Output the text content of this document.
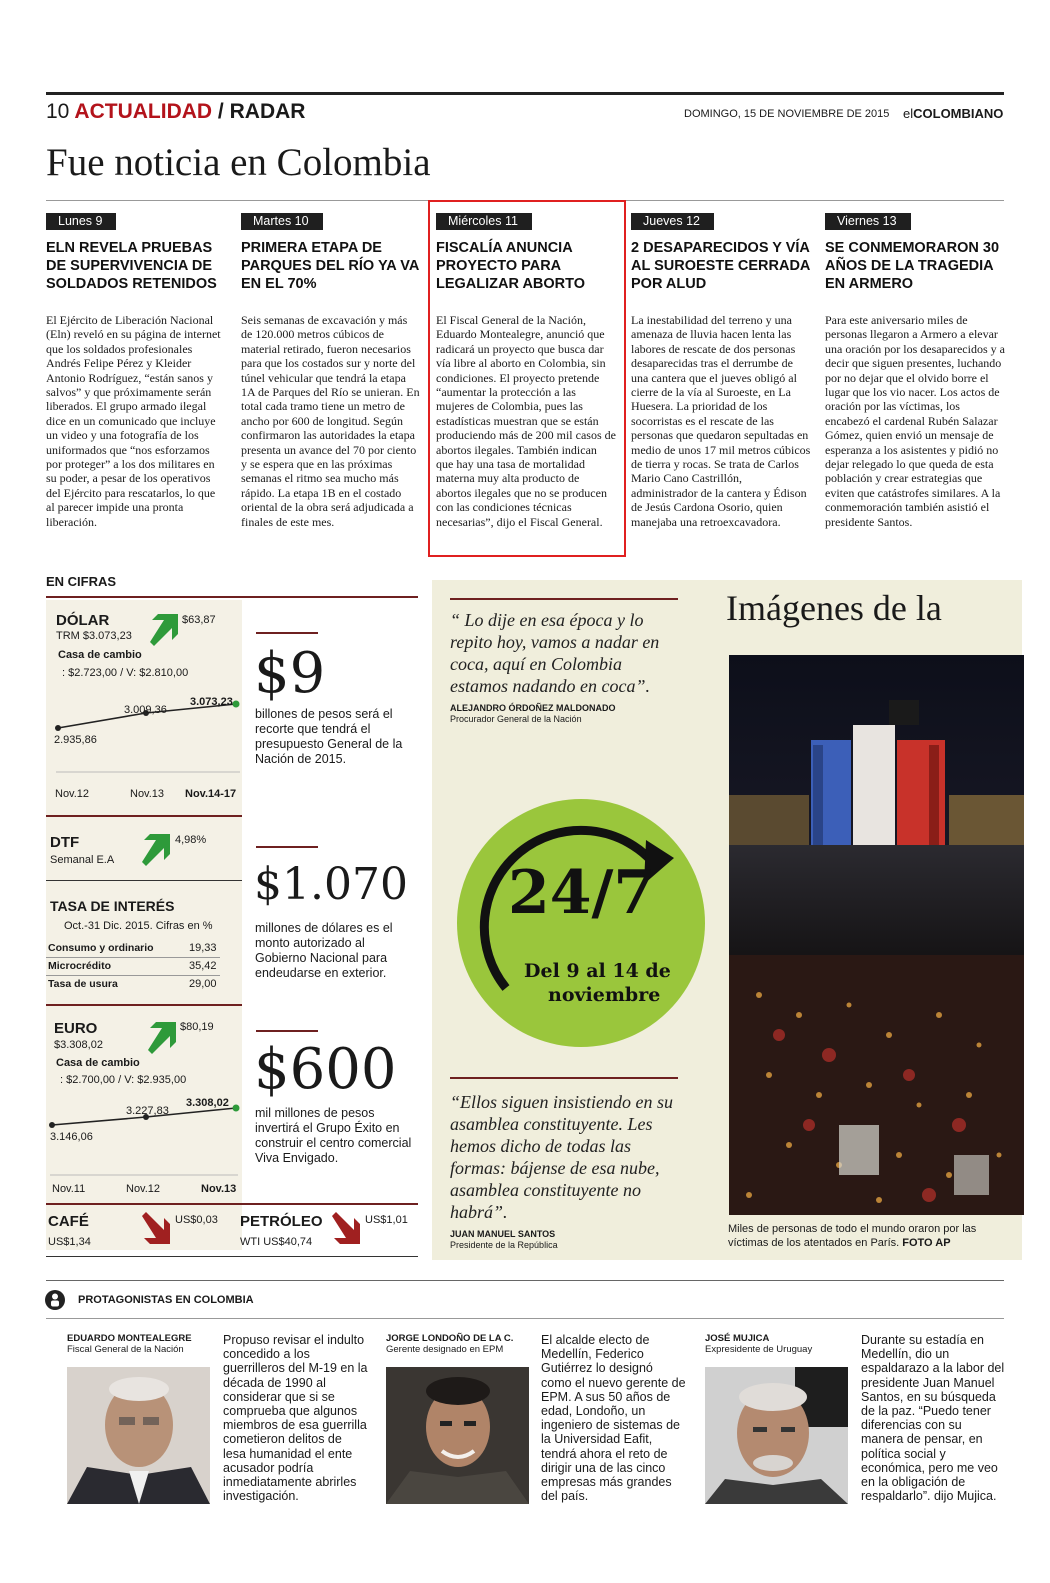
10 ACTUALIDAD / RADAR	DOMINGO, 15 DE NOVIEMBRE DE 2015 elCOLOMBIANO
Fue noticia en Colombia
Lunes 9
ELN REVELA PRUEBAS DE SUPERVIVENCIA DE SOLDADOS RETENIDOS

El Ejército de Liberación Nacional (Eln) reveló en su página de internet que los soldados profesionales Andrés Felipe Pérez y Kleider Antonio Rodríguez, “están sanos y salvos” y que próximamente serán liberados. El grupo armado ilegal dice en un comunicado que incluye un video y una fotografía de los uniformados que “nos esforzamos por proteger” a los dos militares en su poder, a pesar de los operativos del Ejército para rescatarlos, lo que al parecer impide una pronta liberación.

Martes 10
PRIMERA ETAPA DE PARQUES DEL RÍO YA VA EN EL 70%

Seis semanas de excavación y más de 120.000 metros cúbicos de material retirado, fueron necesarios para que los costados sur y norte del túnel vehicular que tendrá la etapa 1A de Parques del Río se unieran. En total cada tramo tiene un metro de ancho por 600 de longitud. Según confirmaron las autoridades la etapa presenta un avance del 70 por ciento y se espera que en las próximas semanas el ritmo sea mucho más rápido. La etapa 1B en el costado oriental de la obra será adjudicada a finales de este mes.

Miércoles 11
FISCALÍA ANUNCIA PROYECTO PARA LEGALIZAR ABORTO

El Fiscal General de la Nación, Eduardo Montealegre, anunció que radicará un proyecto que busca dar vía libre al aborto en Colombia, sin condiciones. El proyecto pretende “aumentar la protección a las mujeres de Colombia, pues las estadísticas muestran que se están produciendo más de 200 mil casos de abortos ilegales. También indican que hay una tasa de mortalidad materna muy alta producto de abortos ilegales que no se producen con las condiciones técnicas necesarias”, dijo el Fiscal General.

Jueves 12
2 DESAPARECIDOS Y VÍA AL SUROESTE CERRADA POR ALUD

La inestabilidad del terreno y una amenaza de lluvia hacen lenta las labores de rescate de dos personas desaparecidas tras el derrumbe de una cantera que el jueves obligó al cierre de la vía al Suroeste, en La Huesera. La prioridad de los socorristas es el rescate de las personas que quedaron sepultadas en medio de unos 17 mil metros cúbicos de tierra y rocas. Se trata de Carlos Mario Cano Castrillón, administrador de la cantera y Édison de Jesús Cardona Osorio, quien manejaba una retroexcavadora.

Viernes 13
SE CONMEMORARON 30 AÑOS DE LA TRAGEDIA EN ARMERO

Para este aniversario miles de personas llegaron a Armero a elevar una oración por los desaparecidos y a decir que siguen presentes, luchando por no dejar que el olvido borre el lugar que los vio nacer. Los actos de oración por las víctimas, los encabezó el cardenal Rubén Salazar Gómez, quien envió un mensaje de esperanza a los asistentes y pidió no dejar relegado lo que queda de esta población y crear estrategias que eviten que catástrofes similares. A la conmemoración también asistió el presidente Santos.

EN CIFRAS
DÓLAR
TRM $3.073,23
$63,87
Casa de cambio
: $2.723,00 / V: $2.810,00
2.935,86
3.009,36
3.073,23
Nov.12	Nov.13 Nov.14-17
DTF
Semanal E.A
4,98%
TASA DE INTERÉS
Oct.-31 Dic. 2015. Cifras en %
Consumo y ordinario	19,33
Microcrédito	35,42
Tasa de usura	29,00
EURO
$3.308,02
$80,19
Casa de cambio
: $2.700,00 / V: $2.935,00
3.146,06
3.227,83
3.308,02
Nov.11	Nov.12	Nov.13
CAFÉ
US$1,34
US$0,03 PETRÓLEO
WTI US$40,74
US$1,01
$9
billones de pesos será el recorte que tendrá el presupuesto General de la Nación de 2015.
$1.070
millones de dólares es el monto autorizado al Gobierno Nacional para endeudarse en exterior.
$600
mil millones de pesos invertirá el Grupo Éxito en construir el centro comercial Viva Envigado.
“ Lo dije en esa época y lo repito hoy, vamos a nadar en coca, aquí en Colombia estamos nadando en coca”.
ALEJANDRO ÓRDOÑEZ MALDONADO
Procurador General de la Nación
24/7
Del 9 al 14 de
noviembre
“Ellos siguen insistiendo en su asamblea constituyente. Les hemos dicho de todas las formas: bájense de esa nube, asamblea constituyente no habrá”.
JUAN MANUEL SANTOS
Presidente de la República
Imágenes de la
Miles de personas de todo el mundo oraron por las víctimas de los atentados en París. FOTO AP
PROTAGONISTAS EN COLOMBIA
EDUARDO MONTEALEGRE
Fiscal General de la Nación
Propuso revisar el indulto concedido a los guerrilleros del M-19 en la década de 1990 al considerar que si se comprueba que algunos miembros de esa guerrilla cometieron delitos de lesa humanidad el ente acusador podría inmediatamente abrirles investigación.
JORGE LONDOÑO DE LA C.
Gerente designado en EPM
El alcalde electo de Medellín, Federico Gutiérrez lo designó como el nuevo gerente de EPM. A sus 50 años de edad, Londoño, un ingeniero de sistemas de la Universidad Eafit, tendrá ahora el reto de dirigir una de las cinco empresas más grandes del país.
JOSÉ MUJICA
Expresidente de Uruguay
Durante su estadía en Medellín, dio un espaldarazo a la labor del presidente Juan Manuel Santos, en su búsqueda de la paz. “Puedo tener diferencias con su manera de pensar, en política social y económica, pero me veo en la obligación de respaldarlo”. dijo Mujica.
